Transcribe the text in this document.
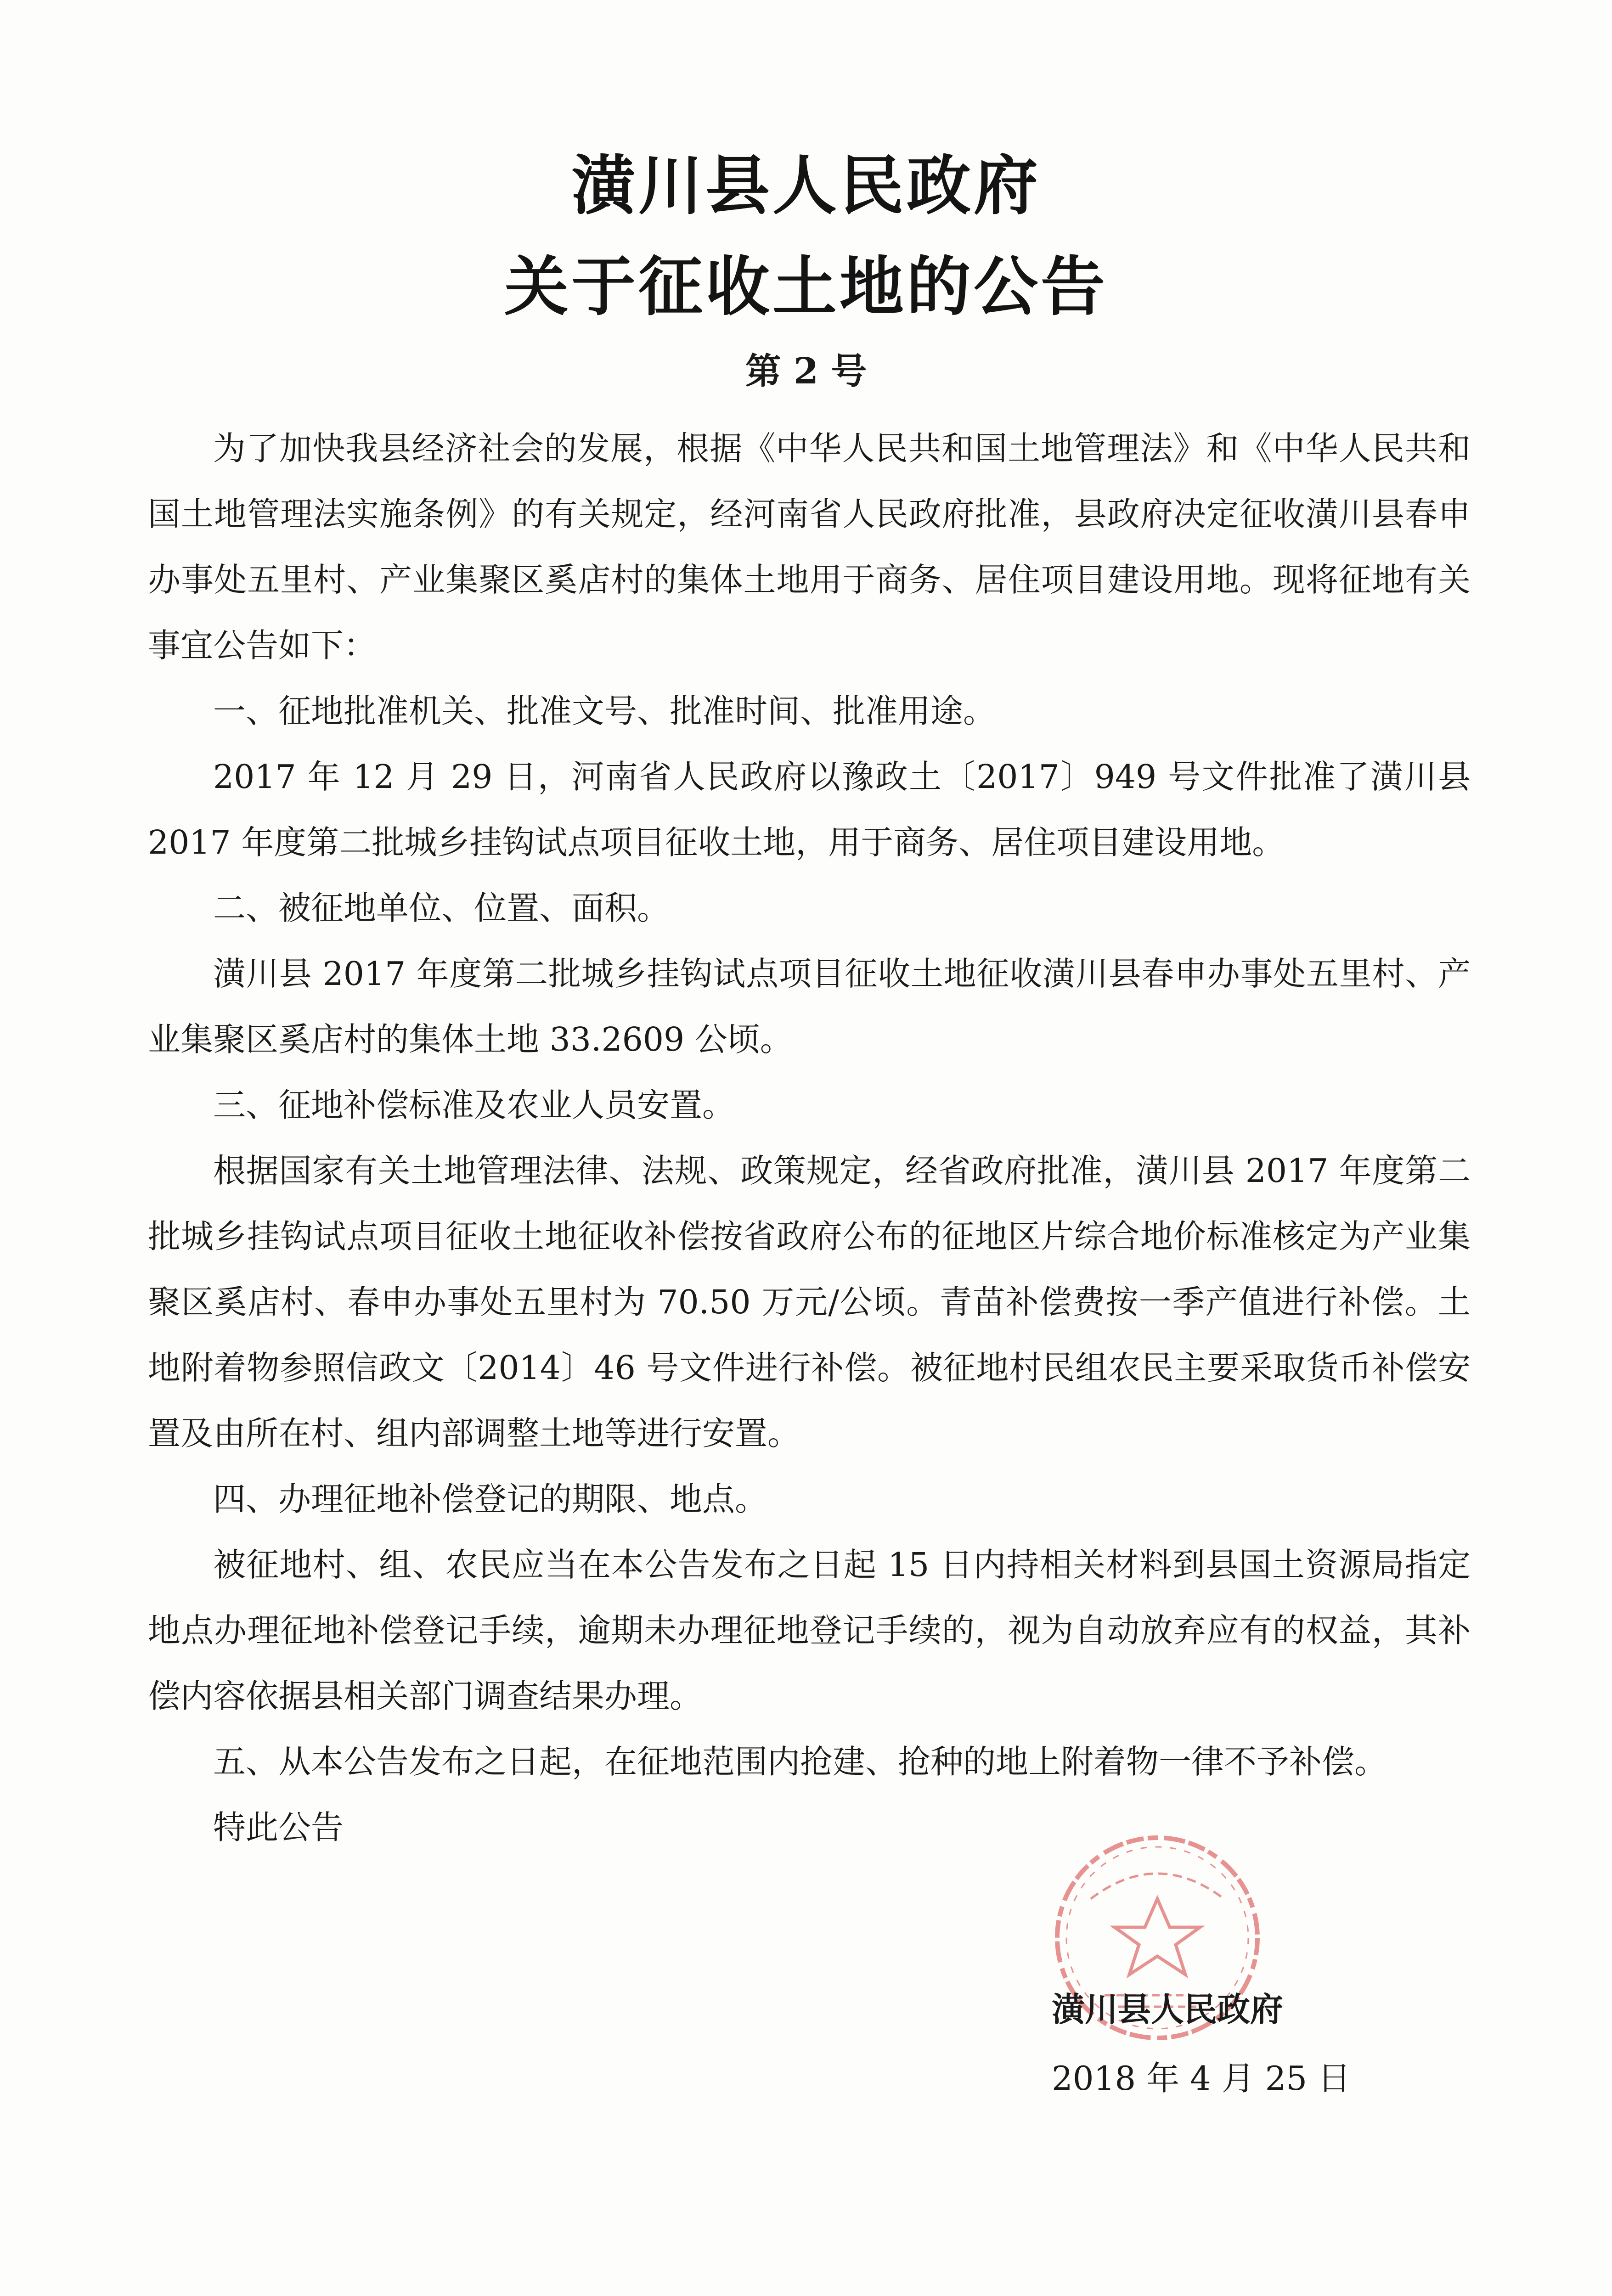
潢川县人民政府
关于征收土地的公告
第 2 号

为了加快我县经济社会的发展，根据《中华人民共和国土地管理法》和《中华人民共和国土地管理法实施条例》的有关规定，经河南省人民政府批准，县政府决定征收潢川县春申办事处五里村、产业集聚区奚店村的集体土地用于商务、居住项目建设用地。现将征地有关事宜公告如下：

一、征地批准机关、批准文号、批准时间、批准用途。

2017 年 12 月 29 日，河南省人民政府以豫政土〔2017〕949 号文件批准了潢川县 2017 年度第二批城乡挂钩试点项目征收土地，用于商务、居住项目建设用地。

二、被征地单位、位置、面积。

潢川县 2017 年度第二批城乡挂钩试点项目征收土地征收潢川县春申办事处五里村、产业集聚区奚店村的集体土地 33.2609 公顷。

三、征地补偿标准及农业人员安置。

根据国家有关土地管理法律、法规、政策规定，经省政府批准，潢川县 2017 年度第二批城乡挂钩试点项目征收土地征收补偿按省政府公布的征地区片综合地价标准核定为产业集聚区奚店村、春申办事处五里村为 70.50 万元/公顷。青苗补偿费按一季产值进行补偿。土地附着物参照信政文〔2014〕46 号文件进行补偿。被征地村民组农民主要采取货币补偿安置及由所在村、组内部调整土地等进行安置。

四、办理征地补偿登记的期限、地点。

被征地村、组、农民应当在本公告发布之日起 15 日内持相关材料到县国土资源局指定地点办理征地补偿登记手续，逾期未办理征地登记手续的，视为自动放弃应有的权益，其补偿内容依据县相关部门调查结果办理。

五、从本公告发布之日起，在征地范围内抢建、抢种的地上附着物一律不予补偿。

特此公告

潢川县人民政府
2018 年 4 月 25 日
